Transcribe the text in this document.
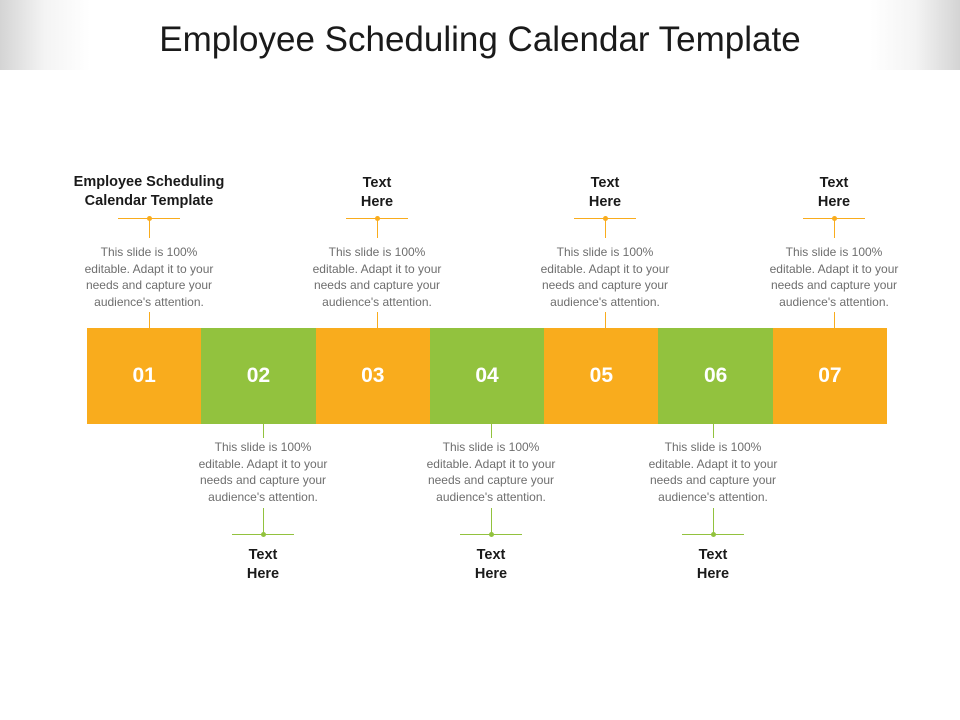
Employee Scheduling Calendar Template
01	02	03	04	05	06	07
Employee Scheduling
Calendar Template
This slide is 100%
editable. Adapt it to your
needs and capture your
audience's attention.
Text
Here
This slide is 100%
editable. Adapt it to your
needs and capture your
audience's attention.
Text
Here
This slide is 100%
editable. Adapt it to your
needs and capture your
audience's attention.
Text
Here
This slide is 100%
editable. Adapt it to your
needs and capture your
audience's attention.
This slide is 100%
editable. Adapt it to your
needs and capture your
audience's attention.
Text
Here
This slide is 100%
editable. Adapt it to your
needs and capture your
audience's attention.
Text
Here
This slide is 100%
editable. Adapt it to your
needs and capture your
audience's attention.
Text
Here
